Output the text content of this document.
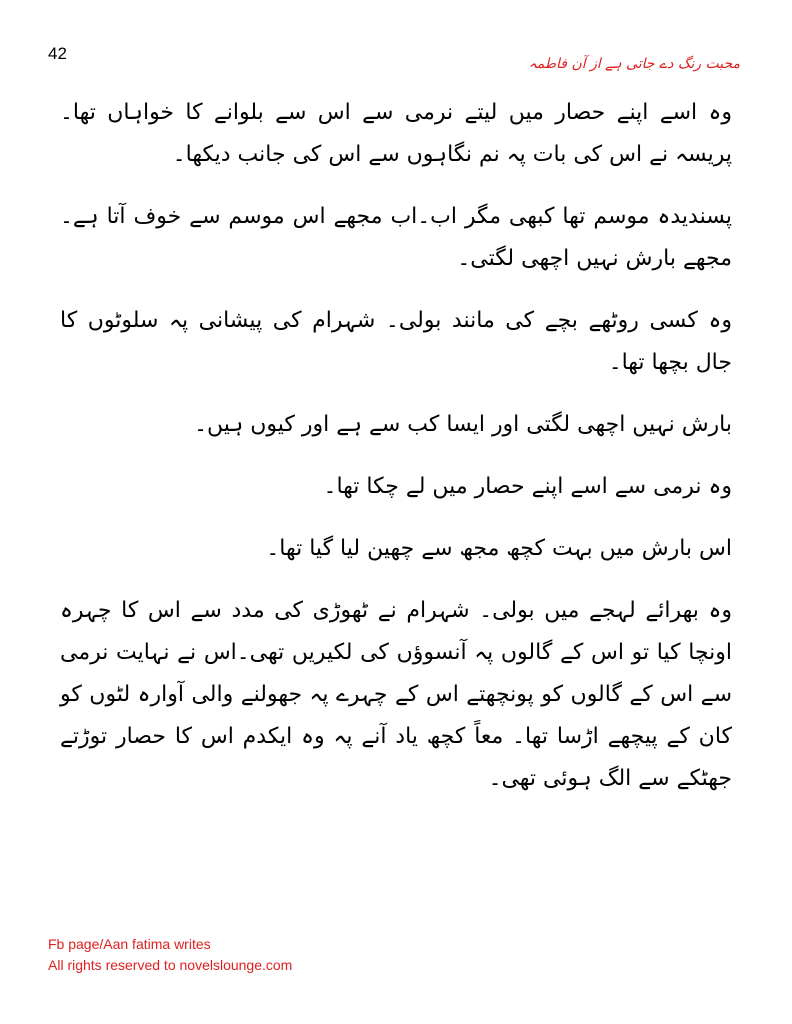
42
محبت رنگ دے جاتی ہے از آن فاطمہ

وہ اسے اپنے حصار میں لیتے نرمی سے اس سے بلوانے کا خواہاں تھا۔ پریسہ نے اس کی بات پہ نم نگاہوں سے اس کی جانب دیکھا۔

پسندیدہ موسم تھا کبھی مگر اب۔اب مجھے اس موسم سے خوف آتا ہے۔ مجھے بارش نہیں اچھی لگتی۔

وہ کسی روٹھے بچے کی مانند بولی۔ شہرام کی پیشانی پہ سلوٹوں کا جال بچھا تھا۔

بارش نہیں اچھی لگتی اور ایسا کب سے ہے اور کیوں ہیں۔

وہ نرمی سے اسے اپنے حصار میں لے چکا تھا۔

اس بارش میں بہت کچھ مجھ سے چھین لیا گیا تھا۔

وہ بھرائے لہجے میں بولی۔ شہرام نے ٹھوڑی کی مدد سے اس کا چہرہ اونچا کیا تو اس کے گالوں پہ آنسوؤں کی لکیریں تھی۔اس نے نہایت نرمی سے اس کے گالوں کو پونچھتے اس کے چہرے پہ جھولنے والی آوارہ لٹوں کو کان کے پیچھے اڑسا تھا۔ معاً کچھ یاد آنے پہ وہ ایکدم اس کا حصار توڑتے جھٹکے سے الگ ہوئی تھی۔

Fb page/Aan fatima writes
All rights reserved to novelslounge.com
